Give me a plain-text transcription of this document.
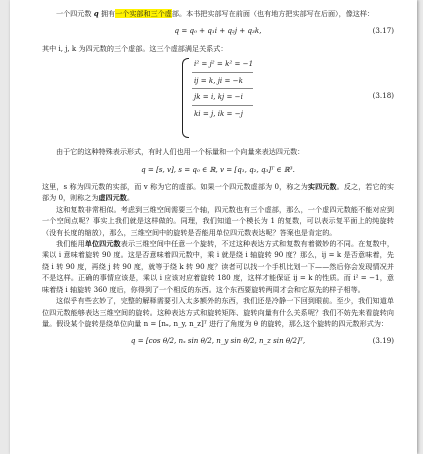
一个四元数 q 拥有一个实部和三个虚部。本书把实部写在前面（也有地方把实部写在后面），像这样：

q = q₀ + q₁i + q₂j + q₃k,	(3.17)

其中 i, j, k 为四元数的三个虚部。这三个虚部满足关系式：

i² = j² = k² = −1
ij = k, ji = −k
jk = i, kj = −i
ki = j, ik = −j
(3.18)

由于它的这种特殊表示形式，有时人们也用一个标量和一个向量来表达四元数：

q = [s, v], s = q₀ ∈ ℝ, v = [q₁, q₂, q₃]ᵀ ∈ ℝ³.

这里，s 称为四元数的实部，而 v 称为它的虚部。如果一个四元数虚部为 0，称之为实四元数。反之，若它的实部为 0，则称之为虚四元数。

这和复数非常相似。考虑到三维空间需要三个轴，四元数也有三个虚部，那么，一个虚四元数能不能对应到一个空间点呢？事实上我们就是这样做的。同理，我们知道一个模长为 1 的复数，可以表示复平面上的纯旋转（没有长度的缩放），那么，三维空间中的旋转是否能用单位四元数表达呢？答案也是肯定的。

我们能用单位四元数表示三维空间中任意一个旋转，不过这种表达方式和复数有着微妙的不同。在复数中，乘以 i 意味着旋转 90 度。这是否意味着四元数中，乘 i 就是绕 i 轴旋转 90 度？那么，ij = k 是否意味着，先绕 i 转 90 度，再绕 j 转 90 度，就等于绕 k 转 90 度？读者可以找一个手机比划一下——然后你会发现情况并不是这样。正确的事情应该是，乘以 i 应该对应着旋转 180 度，这样才能保证 ij = k 的性质。而 i² = −1，意味着绕 i 轴旋转 360 度后，你得到了一个相反的东西。这个东西要旋转两周才会和它原先的样子相等。

这似乎有些玄妙了，完整的解释需要引入太多额外的东西，我们还是冷静一下回到眼前。至少，我们知道单位四元数能够表达三维空间的旋转。这种表达方式和旋转矩阵、旋转向量有什么关系呢？我们不妨先来看旋转向量。假设某个旋转是绕单位向量 n = [nₓ, n_y, n_z]ᵀ 进行了角度为 θ 的旋转，那么这个旋转的四元数形式为：

q = [cos θ/2, nₓ sin θ/2, n_y sin θ/2, n_z sin θ/2]ᵀ,	(3.19)
